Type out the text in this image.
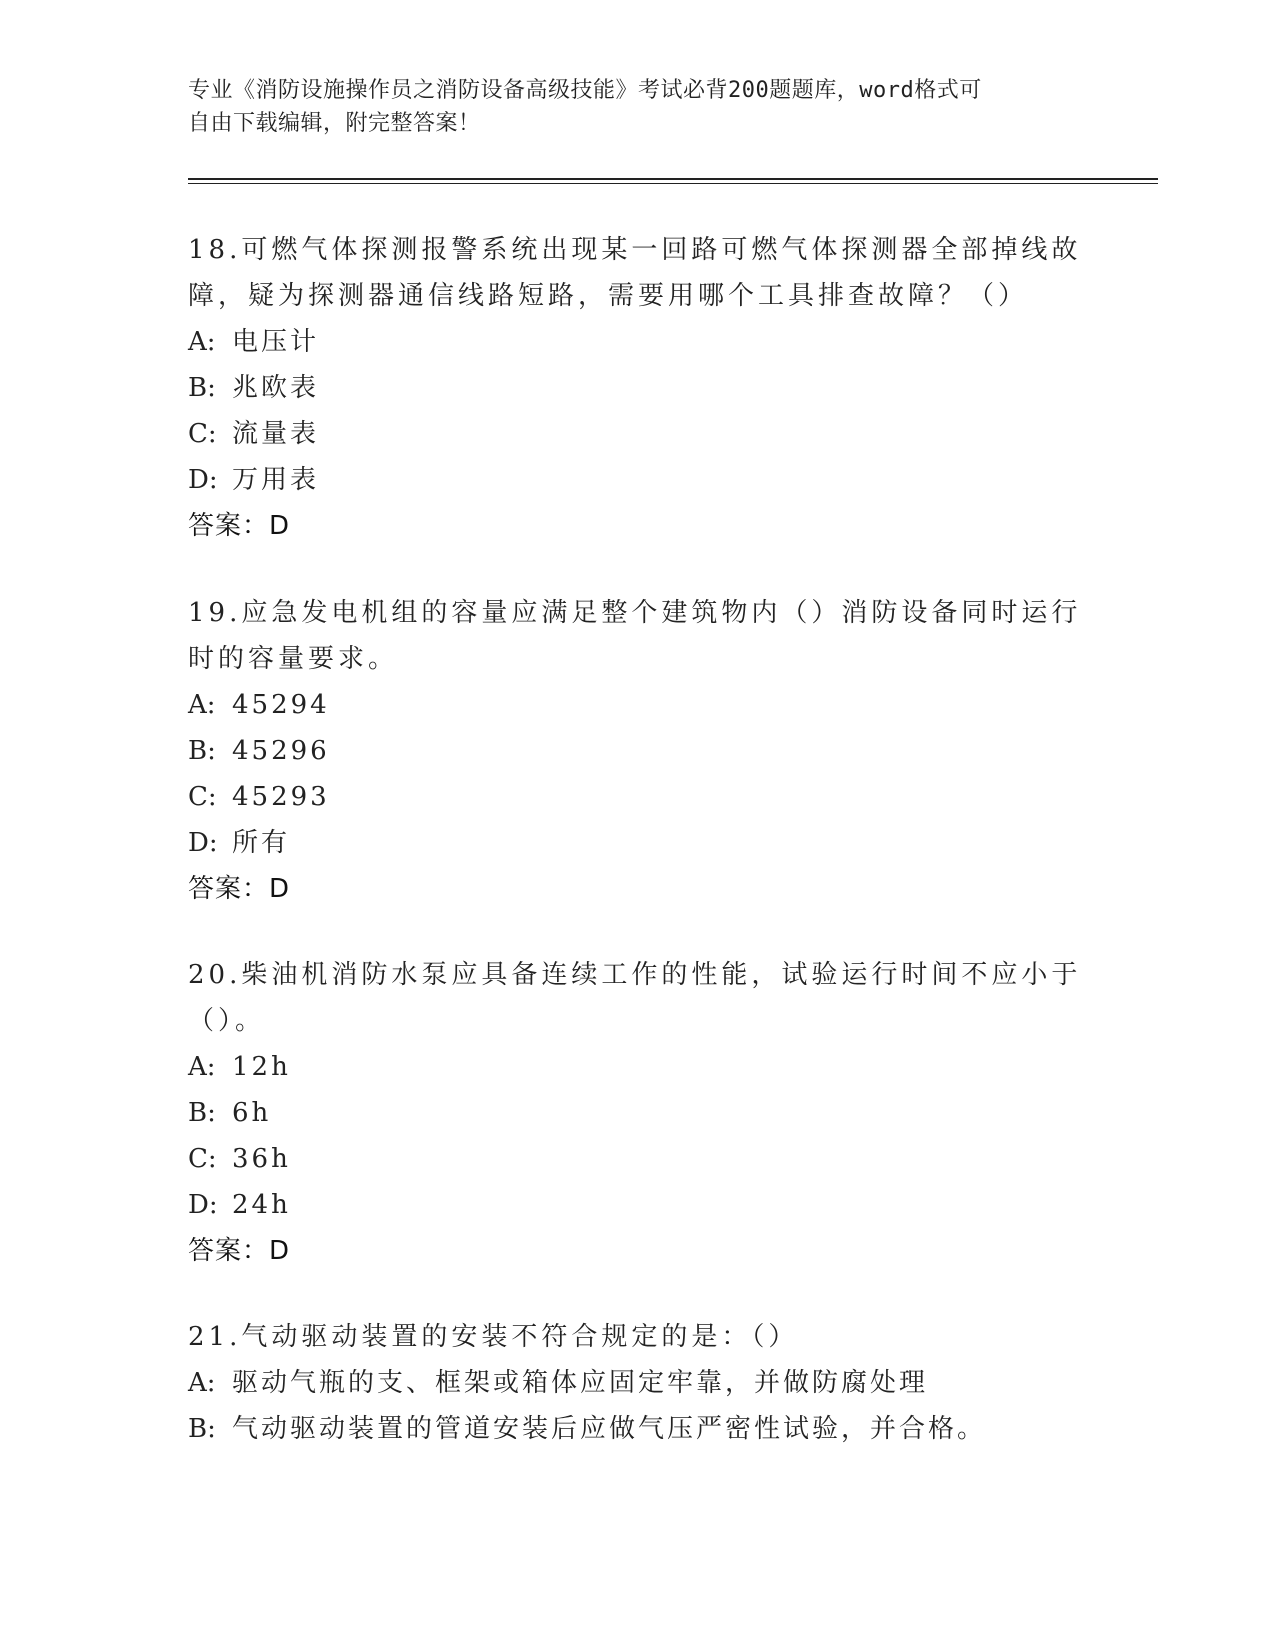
专业《消防设施操作员之消防设备高级技能》考试必背200题题库，word格式可
自由下载编辑，附完整答案！

18.可燃气体探测报警系统出现某一回路可燃气体探测器全部掉线故障，疑为探测器通信线路短路，需要用哪个工具排查故障？（）

A: 电压计

B: 兆欧表

C: 流量表

D: 万用表

答案：D

19.应急发电机组的容量应满足整个建筑物内（）消防设备同时运行时的容量要求。

A: 45294

B: 45296

C: 45293

D: 所有

答案：D

20.柴油机消防水泵应具备连续工作的性能，试验运行时间不应小于（）。

A: 12h

B: 6h

C: 36h

D: 24h

答案：D

21.气动驱动装置的安装不符合规定的是：（）

A: 驱动气瓶的支、框架或箱体应固定牢靠，并做防腐处理

B: 气动驱动装置的管道安装后应做气压严密性试验，并合格。
